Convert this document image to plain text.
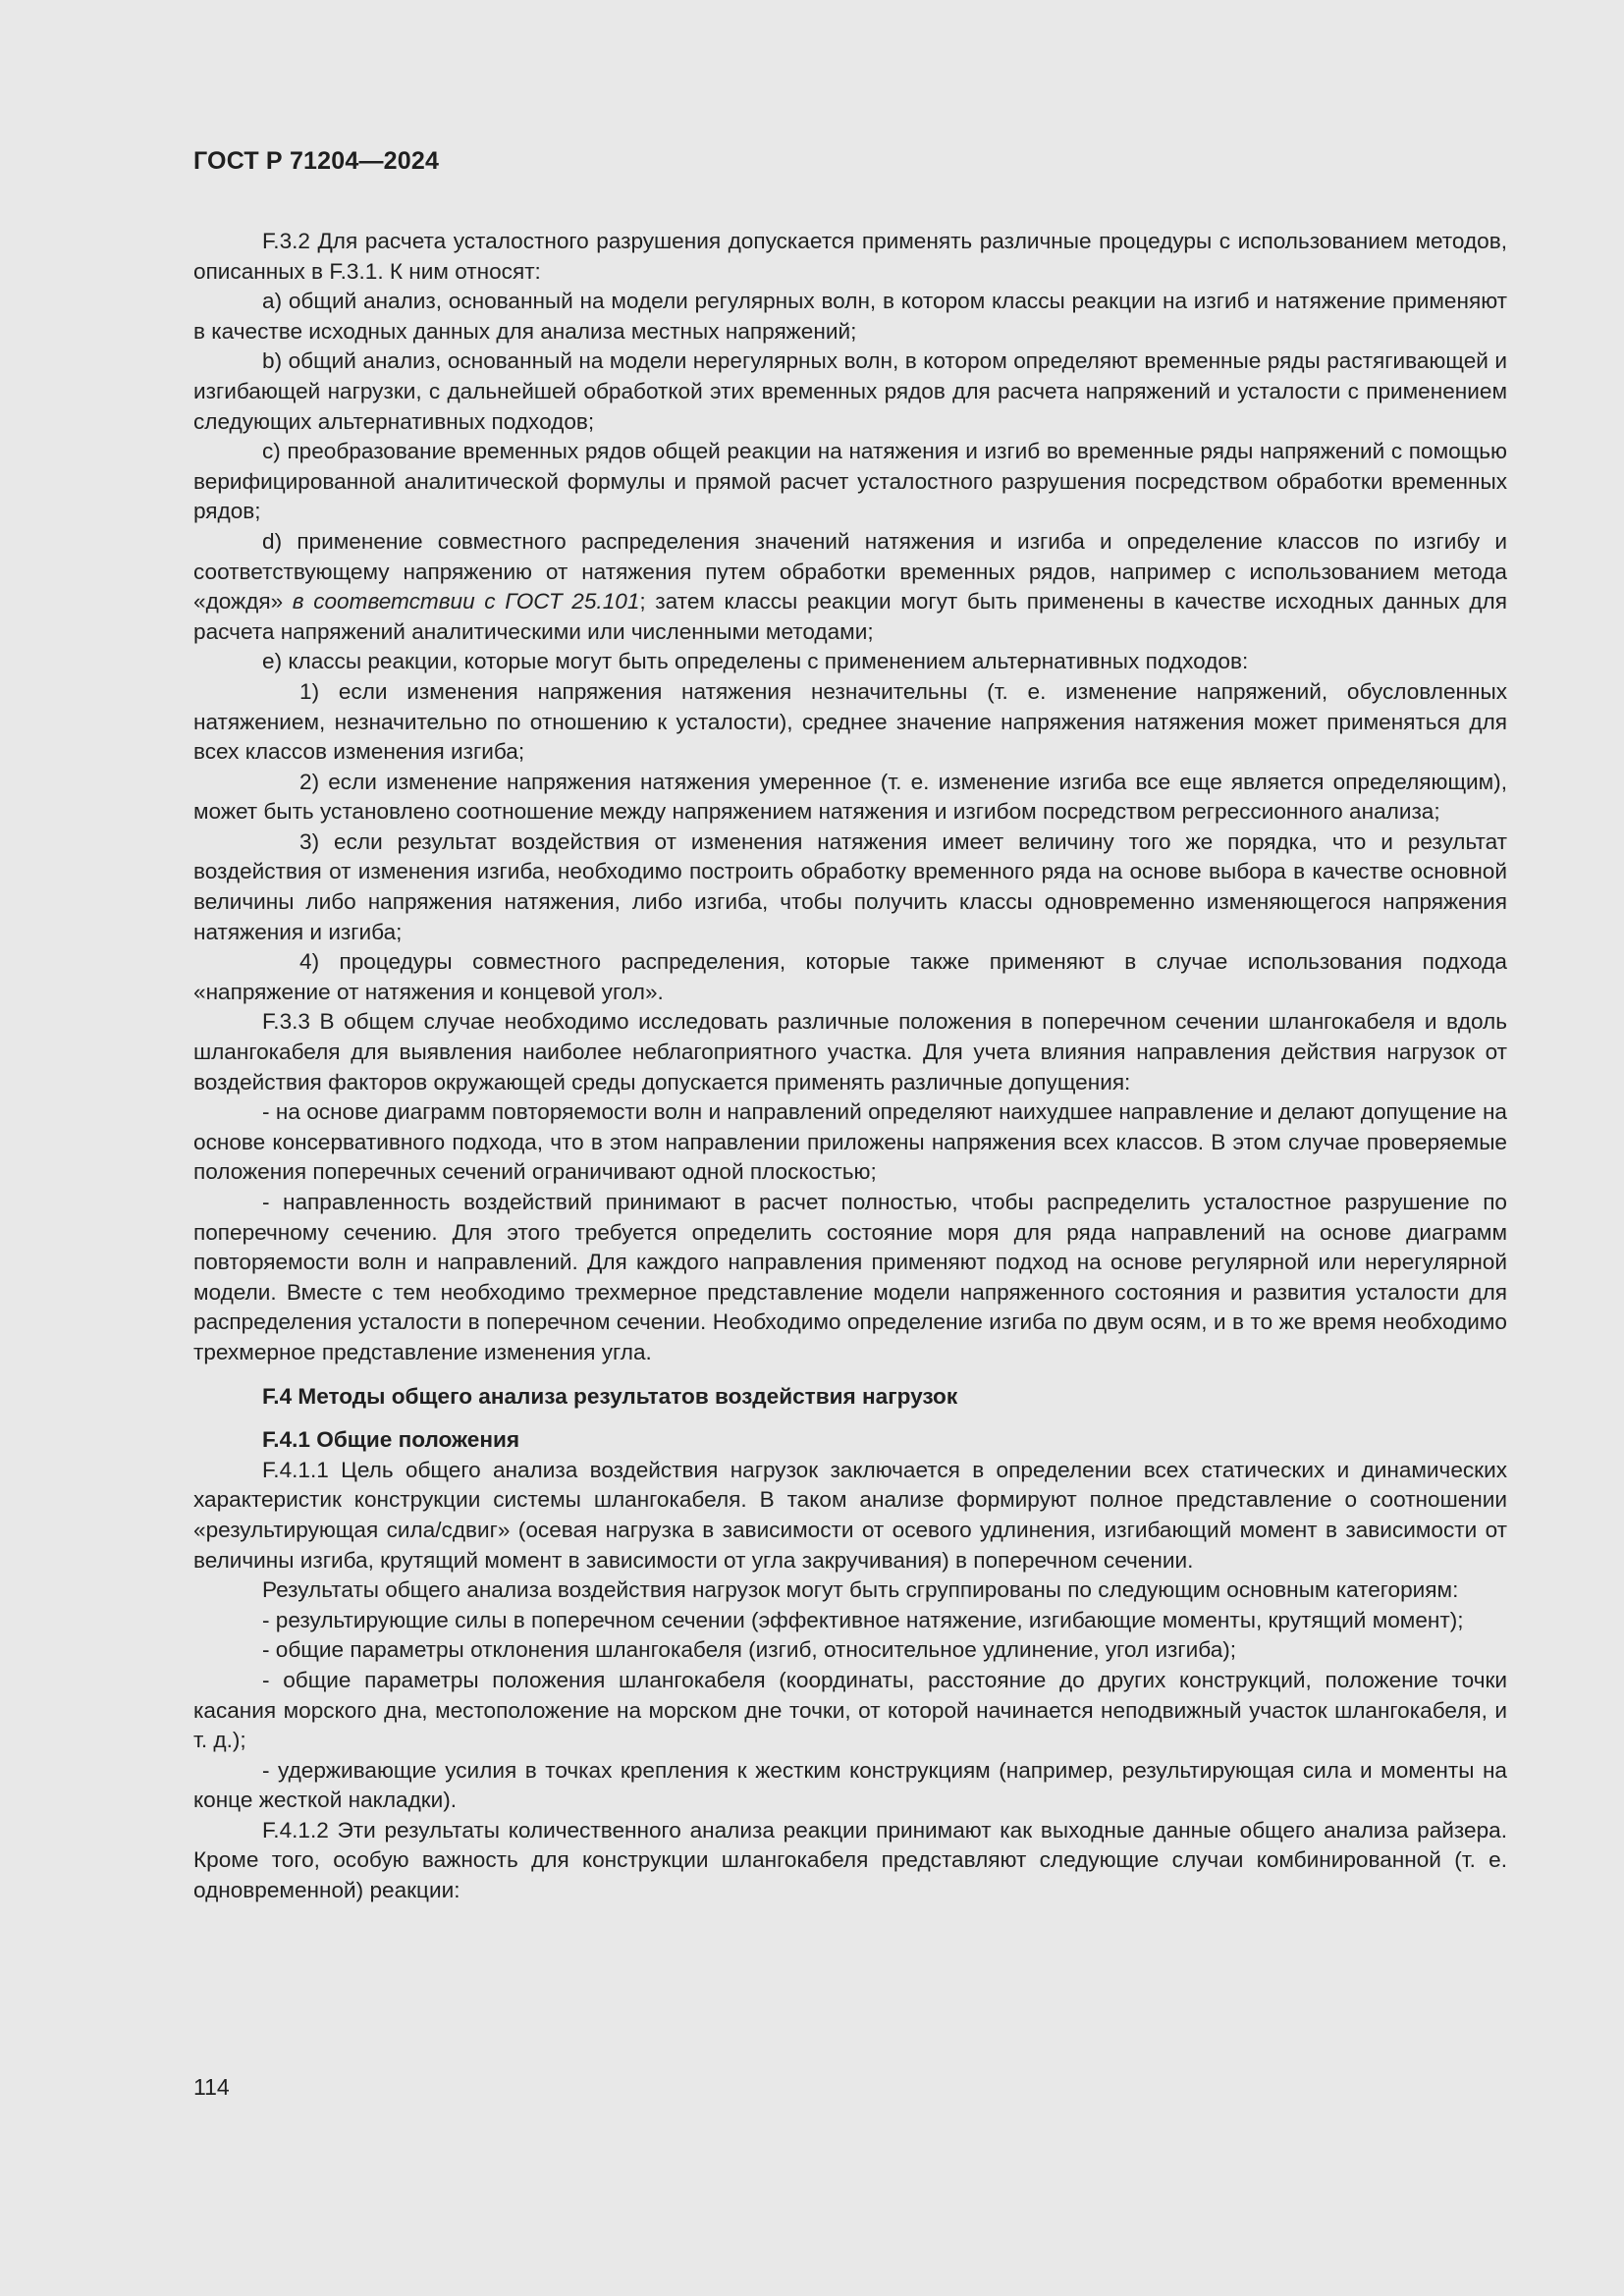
ГОСТ Р 71204—2024

F.3.2 Для расчета усталостного разрушения допускается применять различные процедуры с использованием методов, описанных в F.3.1. К ним относят:

a) общий анализ, основанный на модели регулярных волн, в котором классы реакции на изгиб и натяжение применяют в качестве исходных данных для анализа местных напряжений;

b) общий анализ, основанный на модели нерегулярных волн, в котором определяют временные ряды растягивающей и изгибающей нагрузки, с дальнейшей обработкой этих временных рядов для расчета напряжений и усталости с применением следующих альтернативных подходов;

c) преобразование временных рядов общей реакции на натяжения и изгиб во временные ряды напряжений с помощью верифицированной аналитической формулы и прямой расчет усталостного разрушения посредством обработки временных рядов;

d) применение совместного распределения значений натяжения и изгиба и определение классов по изгибу и соответствующему напряжению от натяжения путем обработки временных рядов, например с использованием метода «дождя» в соответствии с ГОСТ 25.101; затем классы реакции могут быть применены в качестве исходных данных для расчета напряжений аналитическими или численными методами;

e) классы реакции, которые могут быть определены с применением альтернативных подходов:

1) если изменения напряжения натяжения незначительны (т. е. изменение напряжений, обусловленных натяжением, незначительно по отношению к усталости), среднее значение напряжения натяжения может применяться для всех классов изменения изгиба;

2) если изменение напряжения натяжения умеренное (т. е. изменение изгиба все еще является определяющим), может быть установлено соотношение между напряжением натяжения и изгибом посредством регрессионного анализа;

3) если результат воздействия от изменения натяжения имеет величину того же порядка, что и результат воздействия от изменения изгиба, необходимо построить обработку временного ряда на основе выбора в качестве основной величины либо напряжения натяжения, либо изгиба, чтобы получить классы одновременно изменяющегося напряжения натяжения и изгиба;

4) процедуры совместного распределения, которые также применяют в случае использования подхода «напряжение от натяжения и концевой угол».

F.3.3 В общем случае необходимо исследовать различные положения в поперечном сечении шлангокабеля и вдоль шлангокабеля для выявления наиболее неблагоприятного участка. Для учета влияния направления действия нагрузок от воздействия факторов окружающей среды допускается применять различные допущения:

- на основе диаграмм повторяемости волн и направлений определяют наихудшее направление и делают допущение на основе консервативного подхода, что в этом направлении приложены напряжения всех классов. В этом случае проверяемые положения поперечных сечений ограничивают одной плоскостью;

- направленность воздействий принимают в расчет полностью, чтобы распределить усталостное разрушение по поперечному сечению. Для этого требуется определить состояние моря для ряда направлений на основе диаграмм повторяемости волн и направлений. Для каждого направления применяют подход на основе регулярной или нерегулярной модели. Вместе с тем необходимо трехмерное представление модели напряженного состояния и развития усталости для распределения усталости в поперечном сечении. Необходимо определение изгиба по двум осям, и в то же время необходимо трехмерное представление изменения угла.

F.4 Методы общего анализа результатов воздействия нагрузок

F.4.1 Общие положения

F.4.1.1 Цель общего анализа воздействия нагрузок заключается в определении всех статических и динамических характеристик конструкции системы шлангокабеля. В таком анализе формируют полное представление о соотношении «результирующая сила/сдвиг» (осевая нагрузка в зависимости от осевого удлинения, изгибающий момент в зависимости от величины изгиба, крутящий момент в зависимости от угла закручивания) в поперечном сечении.

Результаты общего анализа воздействия нагрузок могут быть сгруппированы по следующим основным категориям:

- результирующие силы в поперечном сечении (эффективное натяжение, изгибающие моменты, крутящий момент);

- общие параметры отклонения шлангокабеля (изгиб, относительное удлинение, угол изгиба);

- общие параметры положения шлангокабеля (координаты, расстояние до других конструкций, положение точки касания морского дна, местоположение на морском дне точки, от которой начинается неподвижный участок шлангокабеля, и т. д.);

- удерживающие усилия в точках крепления к жестким конструкциям (например, результирующая сила и моменты на конце жесткой накладки).

F.4.1.2 Эти результаты количественного анализа реакции принимают как выходные данные общего анализа райзера. Кроме того, особую важность для конструкции шлангокабеля представляют следующие случаи комбинированной (т. е. одновременной) реакции:

114
